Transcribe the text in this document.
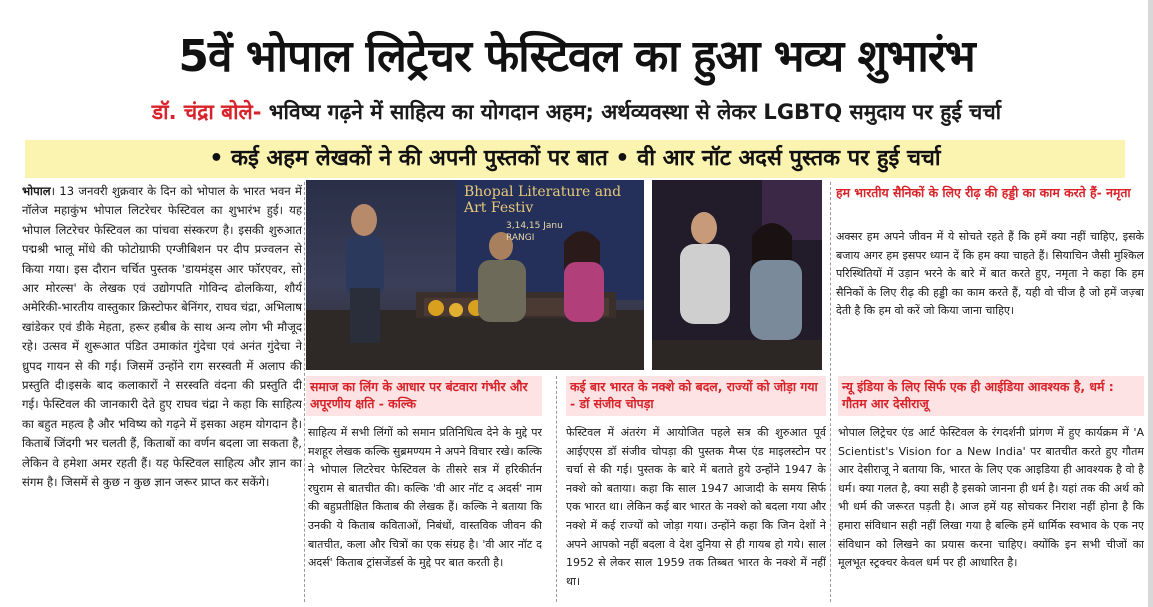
5वें भोपाल लिट्रेचर फेस्टिवल का हुआ भव्य शुभारंभ
डॉ. चंद्रा बोले- भविष्य गढ़ने में साहित्य का योगदान अहम; अर्थव्यवस्था से लेकर LGBTQ समुदाय पर हुई चर्चा
• कई अहम लेखकों ने की अपनी पुस्तकों पर बात • वी आर नॉट अदर्स पुस्तक पर हुई चर्चा
भोपाल। 13 जनवरी शुक्रवार के दिन को भोपाल के भारत भवन में नॉलेज महाकुंभ भोपाल लिटरेचर फेस्टिवल का शुभारंभ हुई। यह भोपाल लिटरेचर फेस्टिवल का पांचवा संस्करण है। इसकी शुरुआत पद्मश्री भालू मोंधे की फोटोग्राफी एग्जीबिशन पर दीप प्रज्वलन से किया गया। इस दौरान चर्चित पुस्तक 'डायमंड्स आर फॉरएवर, सो आर मोरल्स' के लेखक एवं उद्योगपति गोविन्द ढोलकिया, शौर्य अमेरिकी-भारतीय वास्तुकार क्रिस्टोफर बेनिंगर, राघव चंद्रा, अभिलाष खांडेकर एवं डीके मेहता, हरूर हबीब के साथ अन्य लोग भी मौजूद रहे। उत्सव में शुरूआत पंडित उमाकांत गुंदेचा एवं अनंत गुंदेचा ने ध्रुपद गायन से की गई। जिसमें उन्होंने राग सरस्वती में अलाप की प्रस्तुति दी।इसके बाद कलाकारों ने सरस्वति वंदना की प्रस्तुति दी गई। फेस्टिवल की जानकारी देते हुए राघव चंद्रा ने कहा कि साहित्य का बहुत महत्व है और भविष्य को गढ़ने में इसका अहम योगदान है। किताबें जिंदगी भर चलती हैं, किताबों का वर्णन बदला जा सकता है, लेकिन वे हमेशा अमर रहती हैं। यह फेस्टिवल साहित्य और ज्ञान का संगम है। जिसमें से कुछ न कुछ ज्ञान जरूर प्राप्त कर सकेंगे।
Bhopal Literature and Art Festiv
3,14,15 Janu
RANGI
हम भारतीय सैनिकों के लिए रीढ़ की हड्डी का काम करते हैं- नमृता
अक्सर हम अपने जीवन में ये सोचते रहते हैं कि हमें क्या नहीं चाहिए, इसके बजाय अगर हम इसपर ध्यान दें कि हम क्या चाहते हैं। सियाचिन जैसी मुश्किल परिस्थितियों में उड़ान भरने के बारे में बात करते हुए, नमृता ने कहा कि हम सैनिकों के लिए रीढ़ की हड्डी का काम करते हैं, यही वो चीज है जो हमें जज़्बा देती है कि हम वो करें जो किया जाना चाहिए।
समाज का लिंग के आधार पर बंटवारा गंभीर और अपूरणीय क्षति - कल्कि
साहित्य में सभी लिंगों को समान प्रतिनिधित्व देने के मुद्दे पर मशहूर लेखक कल्कि सुब्रमण्यम ने अपने विचार रखे। कल्कि ने भोपाल लिटरेचर फेस्टिवल के तीसरे सत्र में हरिकीर्तन रघुराम से बातचीत की। कल्कि 'वी आर नॉट द अदर्स' नाम की बहुप्रतीक्षित किताब की लेखक हैं। कल्कि ने बताया कि उनकी ये किताब कविताओं, निबंधों, वास्तविक जीवन की बातचीत, कला और चित्रों का एक संग्रह है। 'वी आर नॉट द अदर्स' किताब ट्रांसजेंडर्स के मुद्दे पर बात करती है।
कई बार भारत के नक्शे को बदल, राज्यों को जोड़ा गया - डॉ संजीव चोपड़ा
फेस्टिवल में अंतरंग में आयोजित पहले सत्र की शुरुआत पूर्व आईएएस डॉ संजीव चोपड़ा की पुस्तक मैप्स एंड माइलस्टोन पर चर्चा से की गई। पुस्तक के बारे में बताते हुये उन्होंने 1947 के नक्शे को बताया। कहा कि साल 1947 आजादी के समय सिर्फ एक भारत था। लेकिन कई बार भारत के नक्शे को बदला गया और नक्शे में कई राज्यों को जोड़ा गया। उन्होंने कहा कि जिन देशों ने अपने आपको नहीं बदला वे देश दुनिया से ही गायब हो गये। साल 1952 से लेकर साल 1959 तक तिब्बत भारत के नक्शे में नहीं था।
न्यू इंडिया के लिए सिर्फ एक ही आईडिया आवश्यक है, धर्म : गौतम आर देसीराजू
भोपाल लिट्रेचर एंड आर्ट फेस्टिवल के रंगदर्शनी प्रांगण में हुए कार्यक्रम में 'A Scientist's Vision for a New India' पर बातचीत करते हुए गौतम आर देसीराजू ने बताया कि, भारत के लिए एक आइडिया ही आवश्यक है वो है धर्म। क्या गलत है, क्या सही है इसको जानना ही धर्म है। यहां तक की अर्थ को भी धर्म की जरूरत पड़ती है। आज हमें यह सोचकर निराश नहीं होना है कि हमारा संविधान सही नहीं लिखा गया है बल्कि हमें धार्मिक स्वभाव के एक नए संविधान को लिखने का प्रयास करना चाहिए। क्योंकि इन सभी चीजों का मूलभूत स्ट्रक्चर केवल धर्म पर ही आधारित है।
